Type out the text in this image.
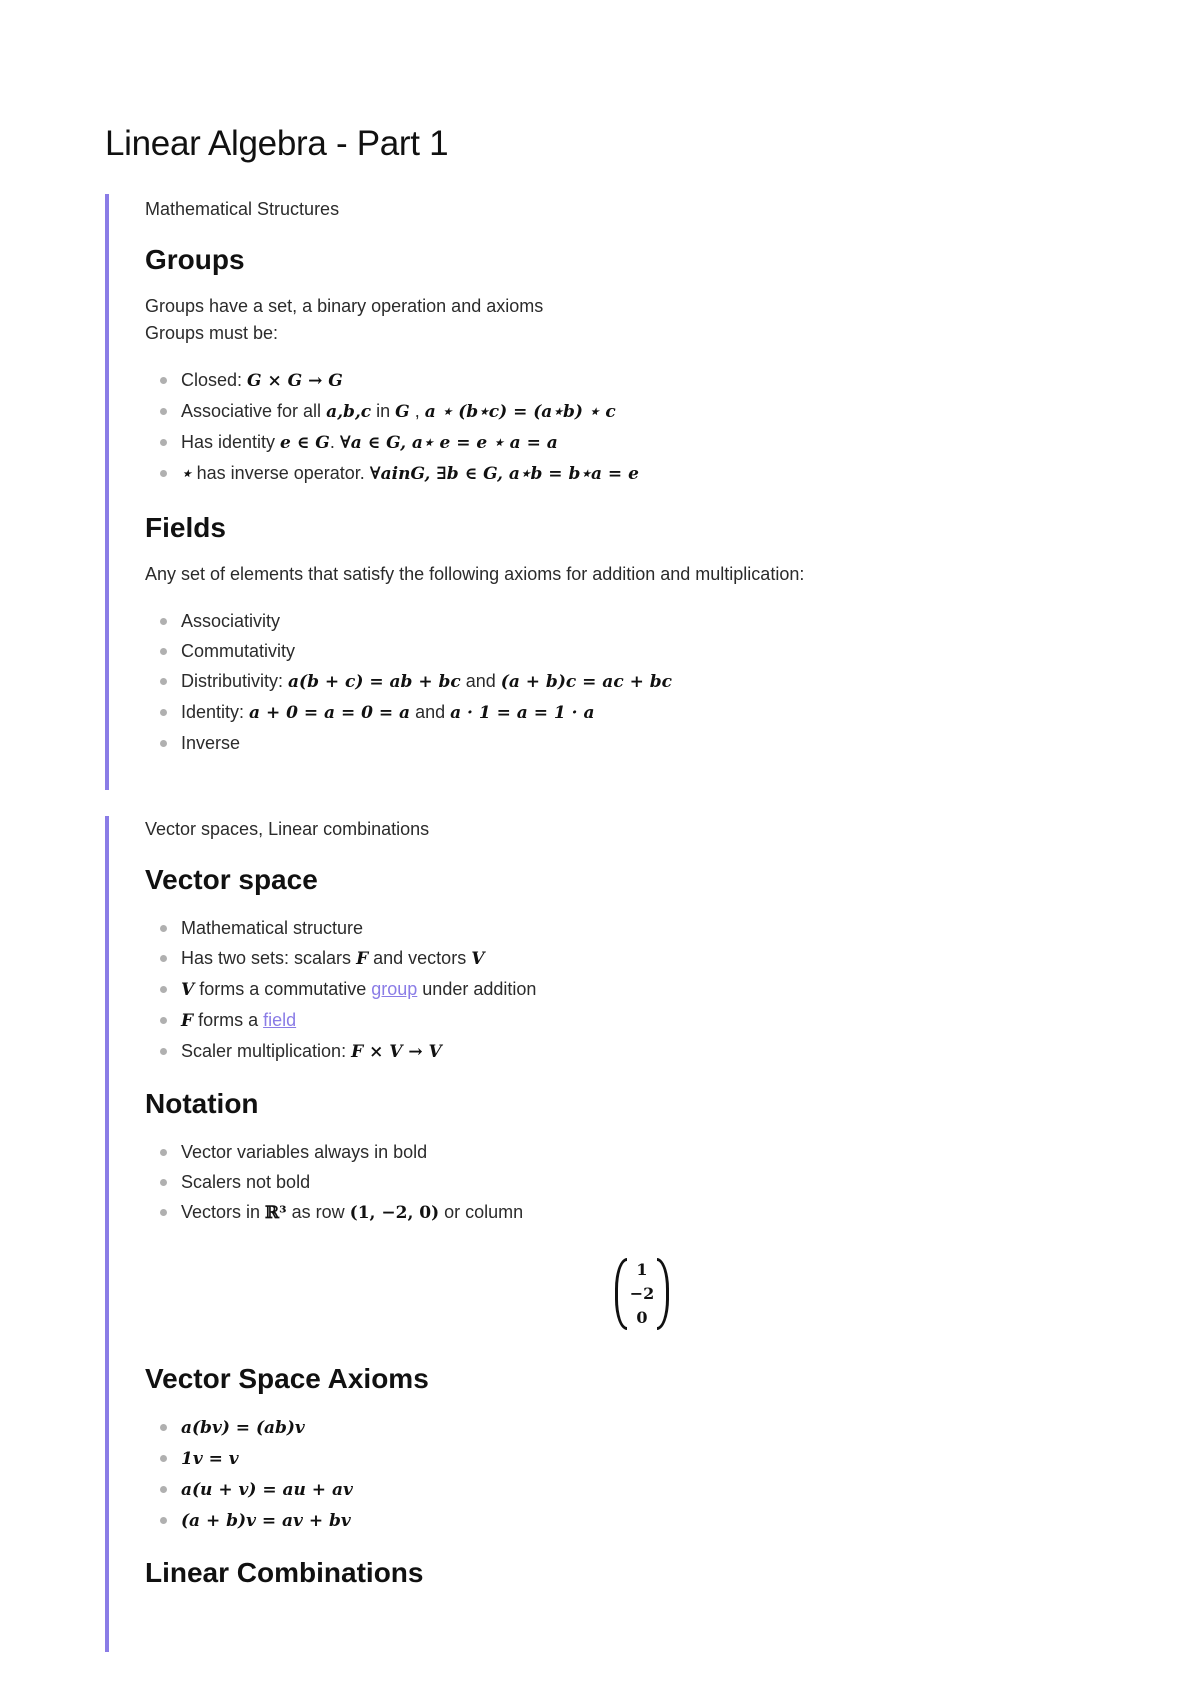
Linear Algebra - Part 1
Mathematical Structures
Groups

Groups have a set, a binary operation and axioms

Groups must be:

Closed: G × G → G
Associative for all a,b,c in G , a ⋆ (b⋆c) = (a⋆b) ⋆ c
Has identity e ∈ G. ∀a ∈ G, a⋆ e = e ⋆ a = a
⋆ has inverse operator. ∀ainG, ∃b ∈ G, a⋆b = b⋆a = e
Fields

Any set of elements that satisfy the following axioms for addition and multiplication:

Associativity
Commutativity
Distributivity: a(b + c) = ab + bc and (a + b)c = ac + bc
Identity: a + 0 = a = 0 = a and a · 1 = a = 1 · a
Inverse
Vector spaces, Linear combinations
Vector space
Mathematical structure
Has two sets: scalars F and vectors V
V forms a commutative group under addition
F forms a field
Scaler multiplication: F × V → V
Notation
Vector variables always in bold
Scalers not bold
Vectors in ℝ³ as row (1, −2, 0) or column
Vector Space Axioms
a(bv) = (ab)v
1v = v
a(u + v) = au + av
(a + b)v = av + bv
Linear Combinations
1
−2
0
